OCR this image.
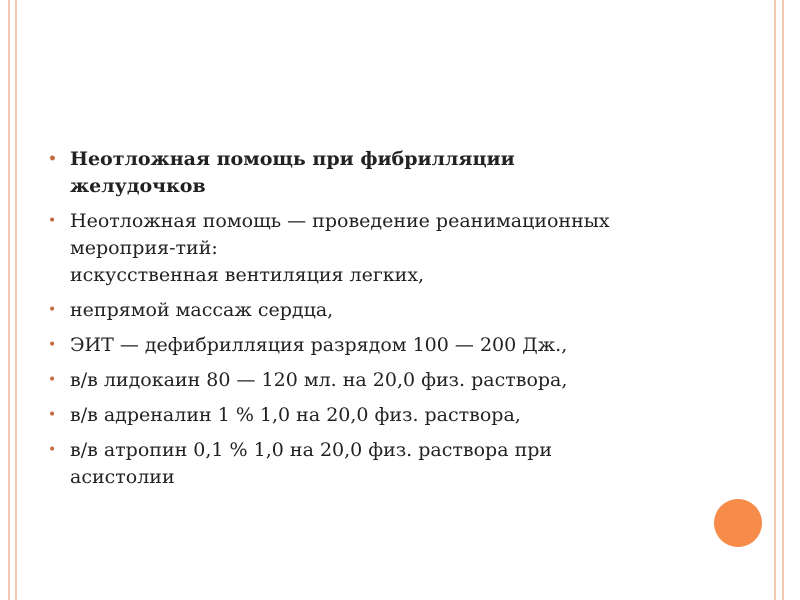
• Неотложная помощь при фибрилляции
желудочков
• Неотложная помощь — проведение реанимационных
мероприя-тий:
искусственная вентиляция легких,
• непрямой массаж сердца,
• ЭИТ — дефибрилляция разрядом 100 — 200 Дж.,
• в/в лидокаин 80 — 120 мл. на 20,0 физ. раствора,
• в/в адреналин 1 % 1,0 на 20,0 физ. раствора,
• в/в атропин 0,1 % 1,0 на 20,0 физ. раствора при
асистолии
